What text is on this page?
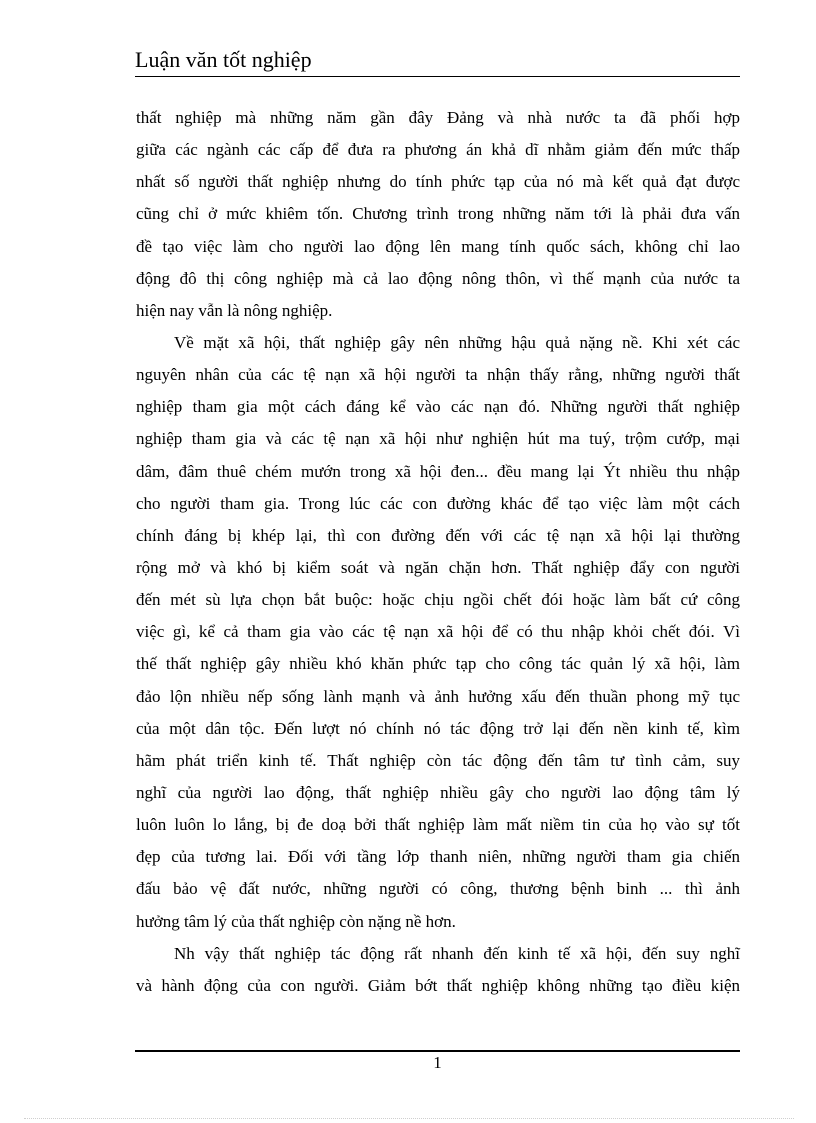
Luận văn tốt nghiệp
thất nghiệp mà những năm gần đây Đảng và nhà nước ta đã phối hợp
giữa các ngành các cấp để đưa ra phương án khả dĩ nhằm giảm đến mức thấp
nhất số người thất nghiệp nhưng do tính phức tạp của nó mà kết quả đạt được
cũng chỉ ở mức khiêm tốn. Chương trình trong những năm tới là phải đưa vấn
đề tạo việc làm cho người lao động lên mang tính quốc sách, không chỉ lao
động đô thị công nghiệp mà cả lao động nông thôn, vì thế mạnh của nước ta
hiện nay vẫn là nông nghiệp.
Về mặt xã hội, thất nghiệp gây nên những hậu quả nặng nề. Khi xét các
nguyên nhân của các tệ nạn xã hội người ta nhận thấy rằng, những người thất
nghiệp tham gia một cách đáng kể vào các nạn đó. Những người thất nghiệp
nghiệp tham gia và các tệ nạn xã hội như nghiện hút ma tuý, trộm cướp, mại
dâm, đâm thuê chém mướn trong xã hội đen... đều mang lại Ýt nhiều thu nhập
cho người tham gia. Trong lúc các con đường khác để tạo việc làm một cách
chính đáng bị khép lại, thì con đường đến với các tệ nạn xã hội lại thường
rộng mở và khó bị kiểm soát và ngăn chặn hơn. Thất nghiệp đẩy con người
đến mét sù lựa chọn bắt buộc: hoặc chịu ngồi chết đói hoặc làm bất cứ công
việc gì, kể cả tham gia vào các tệ nạn xã hội để có thu nhập khỏi chết đói. Vì
thế thất nghiệp gây nhiều khó khăn phức tạp cho công tác quản lý xã hội, làm
đảo lộn nhiều nếp sống lành mạnh và ảnh hưởng xấu đến thuần phong mỹ tục
của một dân tộc. Đến lượt nó chính nó tác động trở lại đến nền kinh tế, kìm
hãm phát triển kinh tế. Thất nghiệp còn tác động đến tâm tư tình cảm, suy
nghĩ của người lao động, thất nghiệp nhiều gây cho người lao động tâm lý
luôn luôn lo lắng, bị đe doạ bởi thất nghiệp làm mất niềm tin của họ vào sự tốt
đẹp của tương lai. Đối với tầng lớp thanh niên, những người tham gia chiến
đấu bảo vệ đất nước, những người có công, thương bệnh binh ... thì ảnh
hưởng tâm lý của thất nghiệp còn nặng nề hơn.
Nh vậy thất nghiệp tác động rất nhanh đến kinh tế xã hội, đến suy nghĩ
và hành động của con người. Giảm bớt thất nghiệp không những tạo điều kiện
1
